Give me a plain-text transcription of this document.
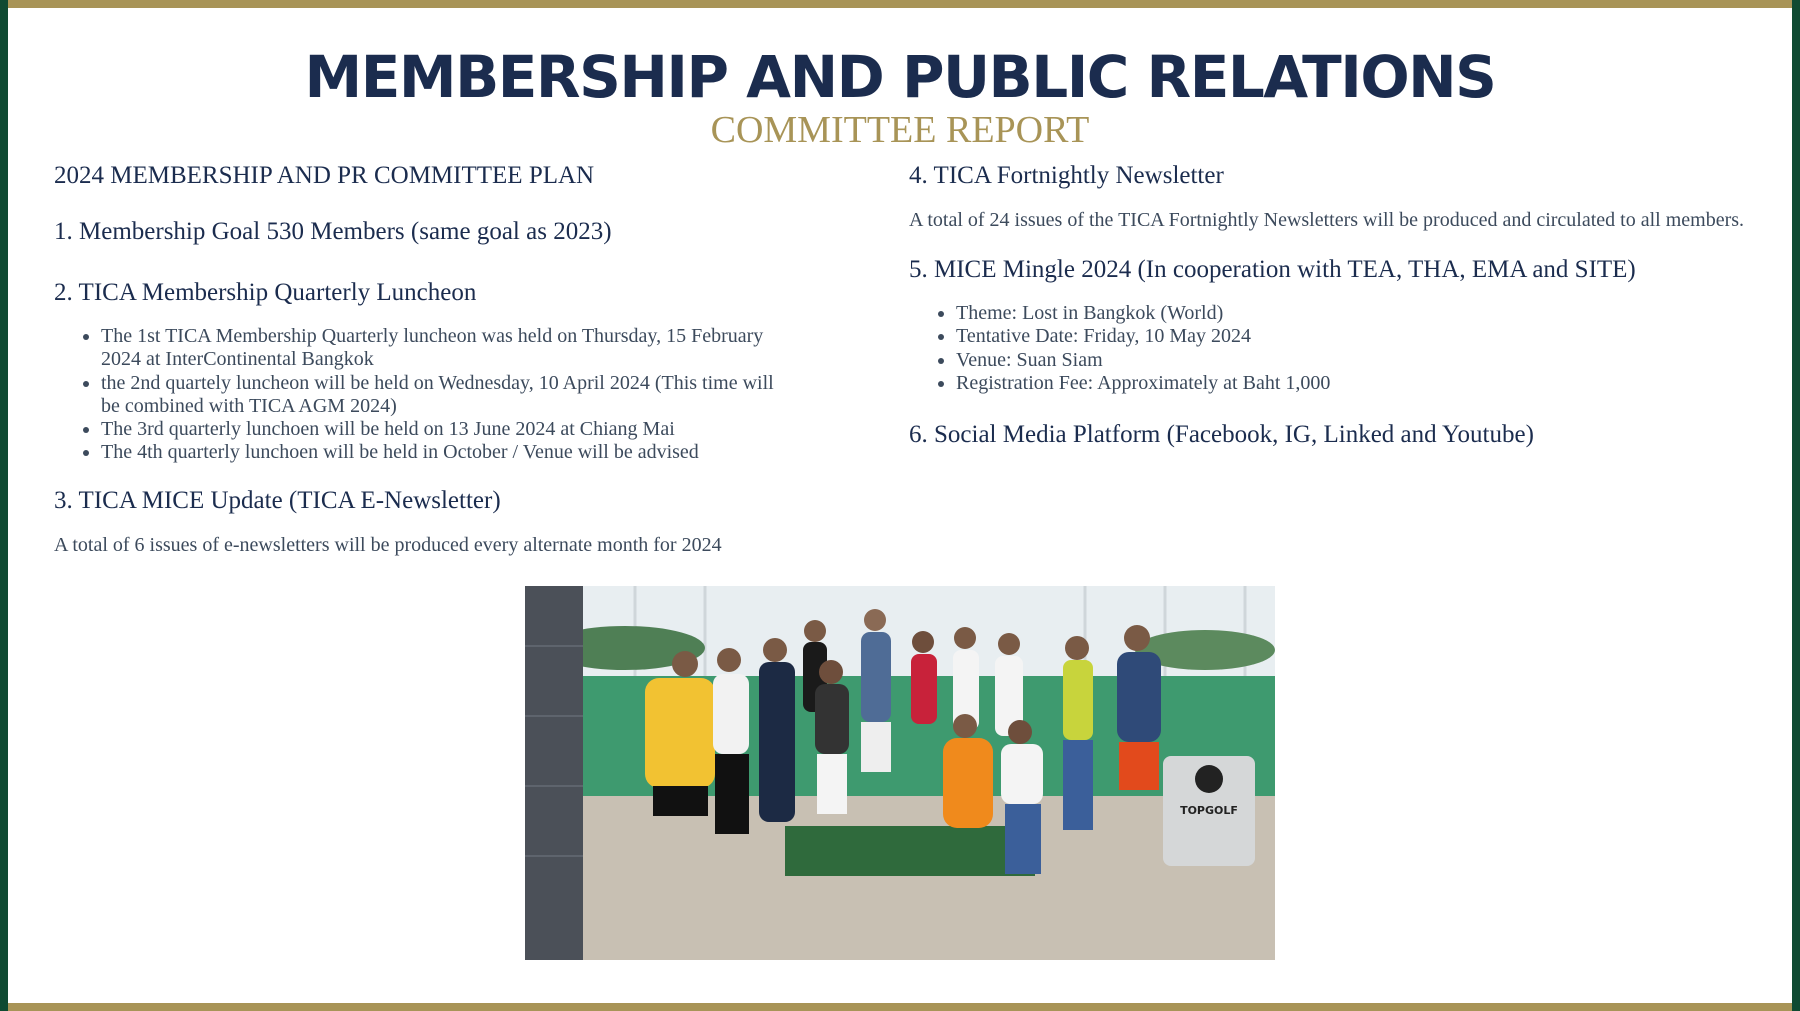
MEMBERSHIP AND PUBLIC RELATIONS
COMMITTEE REPORT
2024 MEMBERSHIP AND PR COMMITTEE PLAN
1. Membership Goal 530 Members (same goal as 2023)
2. TICA Membership Quarterly Luncheon
• The 1st TICA Membership Quarterly luncheon was held on Thursday, 15 February 2024 at InterContinental Bangkok
• the 2nd quartely luncheon will be held on Wednesday, 10 April 2024 (This time will be combined with TICA AGM 2024)
• The 3rd quarterly lunchoen will be held on 13 June 2024 at Chiang Mai
• The 4th quarterly lunchoen will be held in October / Venue will be advised
3. TICA MICE Update (TICA E-Newsletter)

A total of 6 issues of e-newsletters will be produced every alternate month for 2024

4. TICA Fortnightly Newsletter

A total of 24 issues of the TICA Fortnightly Newsletters will be produced and circulated to all members.

5. MICE Mingle 2024 (In cooperation with TEA, THA, EMA and SITE)
• Theme: Lost in Bangkok (World)
• Tentative Date: Friday, 10 May 2024
• Venue: Suan Siam
• Registration Fee: Approximately at Baht 1,000
6. Social Media Platform (Facebook, IG, Linked and Youtube)
TOPGOLF
